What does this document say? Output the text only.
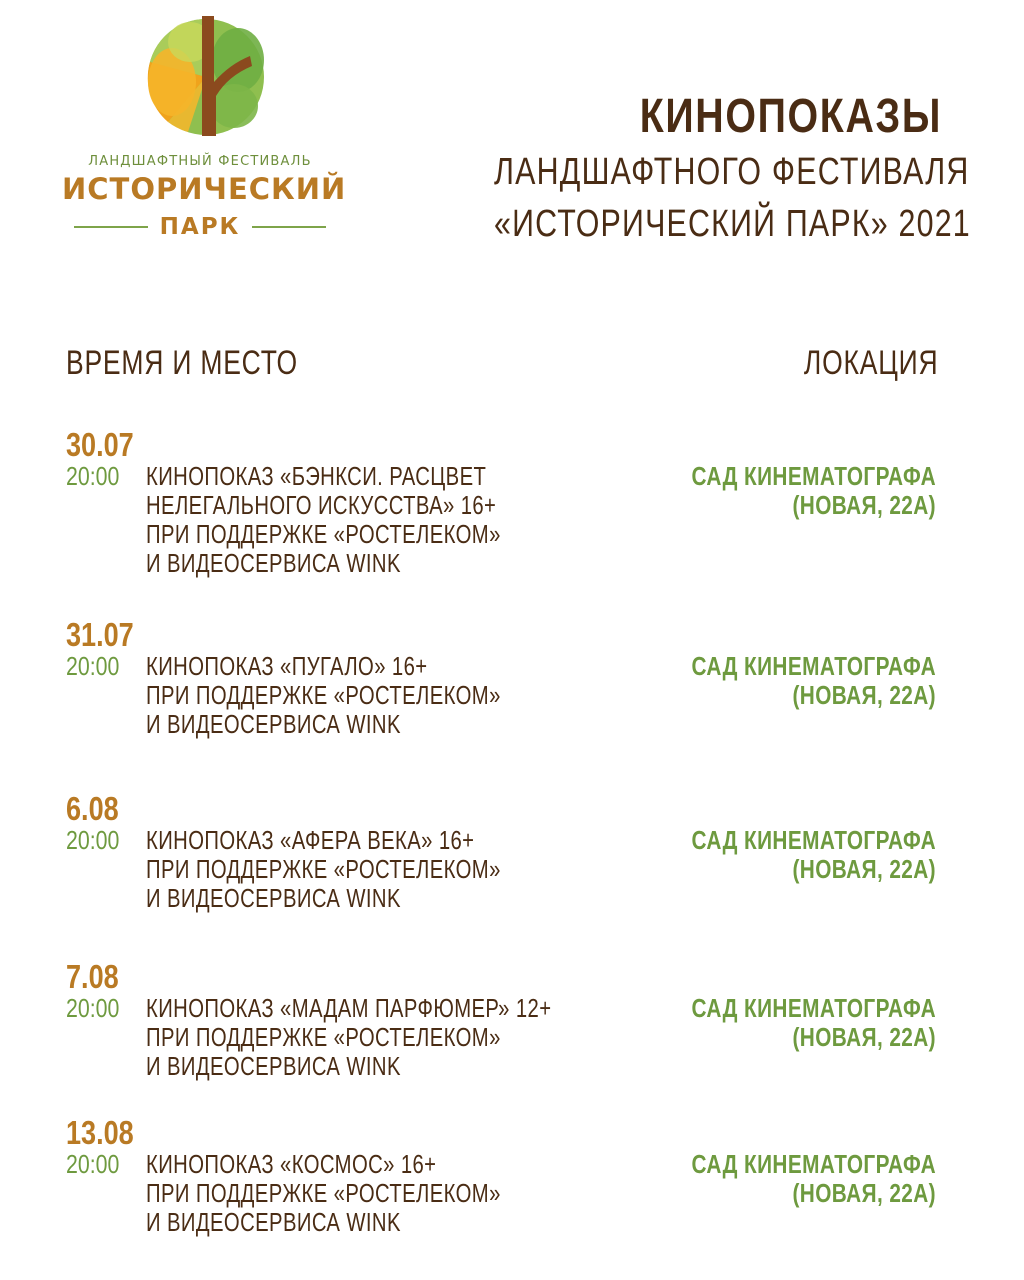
ЛАНДШАФТНЫЙ ФЕСТИВАЛЬ
ИСТОРИЧЕСКИЙ
ПАРК
КИНОПОКАЗЫ
ЛАНДШАФТНОГО ФЕСТИВАЛЯ
«ИСТОРИЧЕСКИЙ ПАРК» 2021
ВРЕМЯ И МЕСТО	ЛОКАЦИЯ
30.07
20:00 КИНОПОКАЗ «БЭНКСИ. РАСЦВЕТ
НЕЛЕГАЛЬНОГО ИСКУССТВА» 16+
ПРИ ПОДДЕРЖКЕ «РОСТЕЛЕКОМ»
И ВИДЕОСЕРВИСА WINK
САД КИНЕМАТОГРАФА
(НОВАЯ, 22А)
31.07
20:00 КИНОПОКАЗ «ПУГАЛО» 16+
ПРИ ПОДДЕРЖКЕ «РОСТЕЛЕКОМ»
И ВИДЕОСЕРВИСА WINK
САД КИНЕМАТОГРАФА
(НОВАЯ, 22А)
6.08
20:00 КИНОПОКАЗ «АФЕРА ВЕКА» 16+
ПРИ ПОДДЕРЖКЕ «РОСТЕЛЕКОМ»
И ВИДЕОСЕРВИСА WINK
САД КИНЕМАТОГРАФА
(НОВАЯ, 22А)
7.08
20:00 КИНОПОКАЗ «МАДАМ ПАРФЮМЕР» 12+
ПРИ ПОДДЕРЖКЕ «РОСТЕЛЕКОМ»
И ВИДЕОСЕРВИСА WINK
САД КИНЕМАТОГРАФА
(НОВАЯ, 22А)
13.08
20:00 КИНОПОКАЗ «КОСМОС» 16+
ПРИ ПОДДЕРЖКЕ «РОСТЕЛЕКОМ»
И ВИДЕОСЕРВИСА WINK
САД КИНЕМАТОГРАФА
(НОВАЯ, 22А)
